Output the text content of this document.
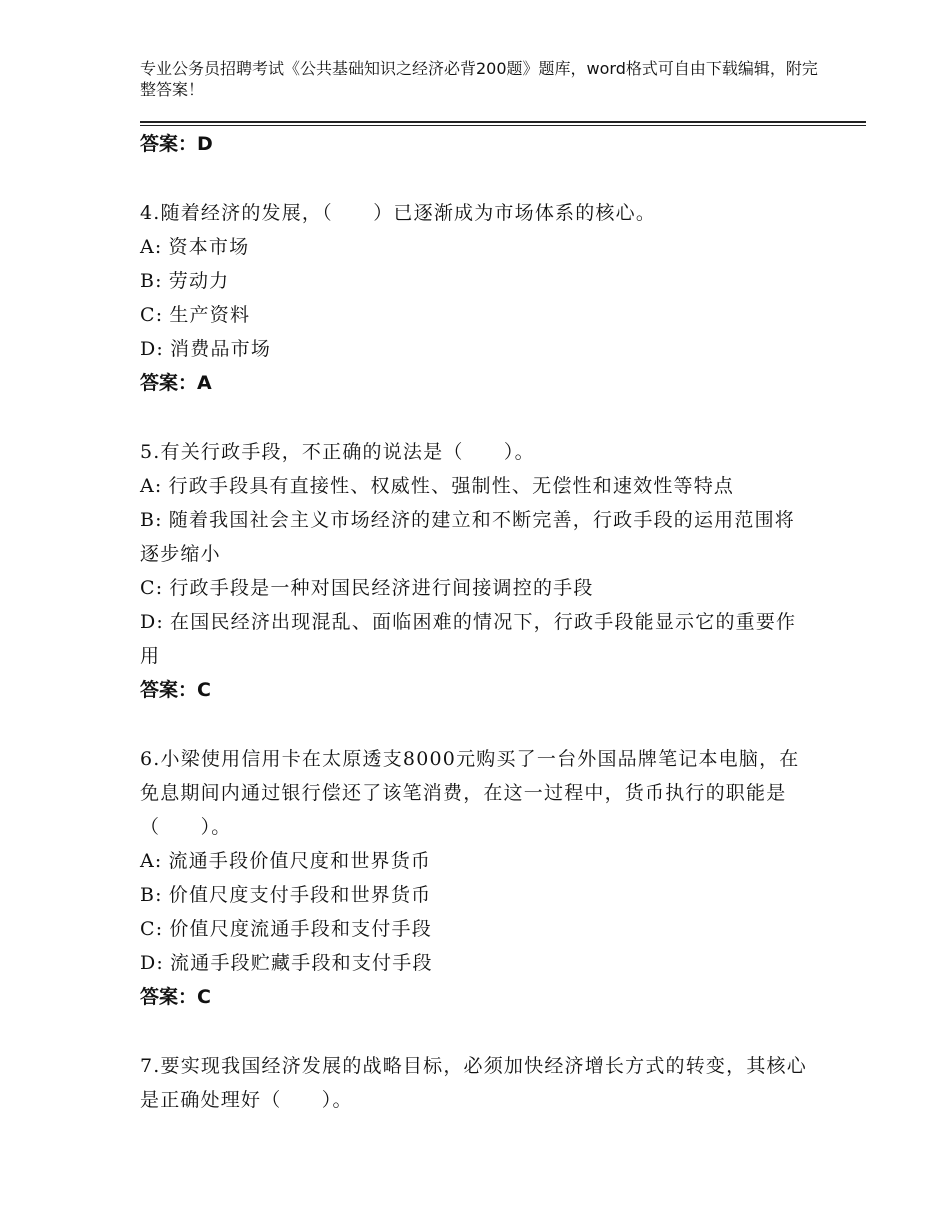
专业公务员招聘考试《公共基础知识之经济必背200题》题库，word格式可自由下载编辑，附完整答案！

答案：D

4.随着经济的发展，（　　）已逐渐成为市场体系的核心。

A: 资本市场

B: 劳动力

C: 生产资料

D: 消费品市场

答案：A

5.有关行政手段，不正确的说法是（　　）。

A: 行政手段具有直接性、权威性、强制性、无偿性和速效性等特点

B: 随着我国社会主义市场经济的建立和不断完善，行政手段的运用范围将逐步缩小

C: 行政手段是一种对国民经济进行间接调控的手段

D: 在国民经济出现混乱、面临困难的情况下，行政手段能显示它的重要作用

答案：C

6.小梁使用信用卡在太原透支8000元购买了一台外国品牌笔记本电脑，在免息期间内通过银行偿还了该笔消费，在这一过程中，货币执行的职能是（　　）。

A: 流通手段价值尺度和世界货币

B: 价值尺度支付手段和世界货币

C: 价值尺度流通手段和支付手段

D: 流通手段贮藏手段和支付手段

答案：C

7.要实现我国经济发展的战略目标，必须加快经济增长方式的转变，其核心是正确处理好（　　）。
